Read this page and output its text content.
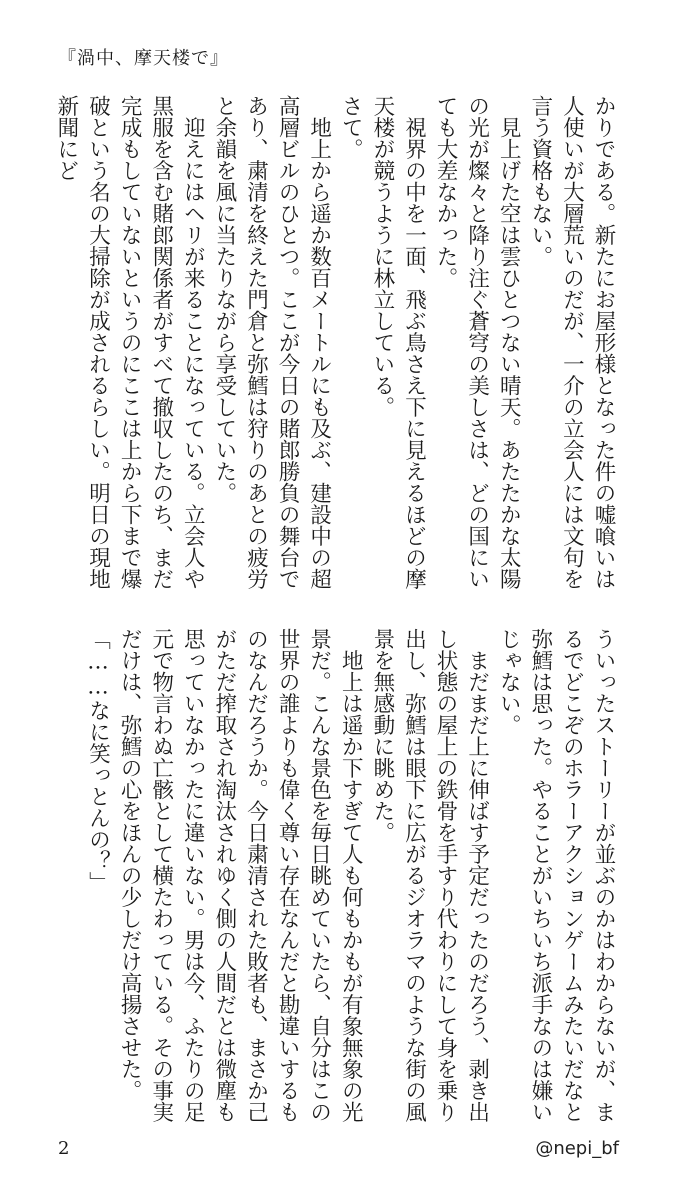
『渦中、摩天楼で』

かりである。新たにお屋形様となった件の嘘喰いは人使いが大層荒いのだが、一介の立会人には文句を言う資格もない。

　見上げた空は雲ひとつない晴天。あたたかな太陽の光が燦々と降り注ぐ蒼穹の美しさは、どの国にいても大差なかった。

　視界の中を一面、飛ぶ鳥さえ下に見えるほどの摩天楼が競うように林立している。

さて。

　地上から遥か数百メートルにも及ぶ、建設中の超高層ビルのひとつ。ここが今日の賭郎勝負の舞台であり、粛清を終えた門倉と弥鱈は狩りのあとの疲労と余韻を風に当たりながら享受していた。

　迎えにはヘリが来ることになっている。立会人や黒服を含む賭郎関係者がすべて撤収したのち、まだ完成もしていないというのにここは上から下まで爆破という名の大掃除が成されるらしい。明日の現地新聞にど

ういったストーリーが並ぶのかはわからないが、まるでどこぞのホラーアクションゲームみたいだなと弥鱈は思った。やることがいちいち派手なのは嫌いじゃない。

　まだまだ上に伸ばす予定だったのだろう、剥き出し状態の屋上の鉄骨を手すり代わりにして身を乗り出し、弥鱈は眼下に広がるジオラマのような街の風景を無感動に眺めた。

　地上は遥か下すぎて人も何もかもが有象無象の光景だ。こんな景色を毎日眺めていたら、自分はこの世界の誰よりも偉く尊い存在なんだと勘違いするものなんだろうか。今日粛清された敗者も、まさか己がただ搾取され淘汰されゆく側の人間だとは微塵も思っていなかったに違いない。男は今、ふたりの足元で物言わぬ亡骸として横たわっている。その事実だけは、弥鱈の心をほんの少しだけ高揚させた。

「……なに笑っとんの？」

2	@nepi_bf
